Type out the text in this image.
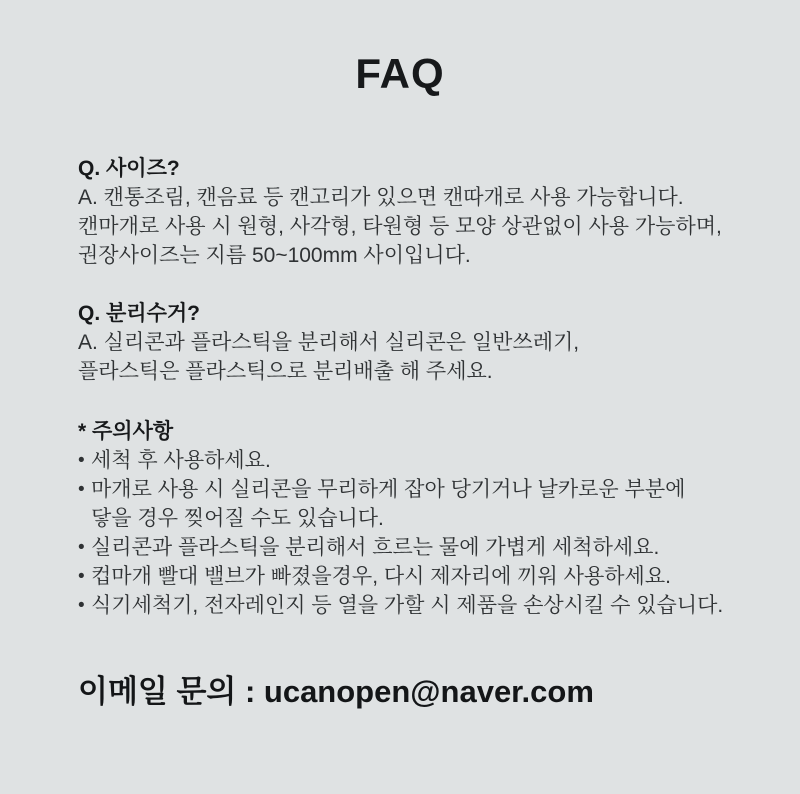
FAQ

Q. 사이즈?

A. 캔통조림, 캔음료 등 캔고리가 있으면 캔따개로 사용 가능합니다.

캔마개로 사용 시 원형, 사각형, 타원형 등 모양 상관없이 사용 가능하며,

권장사이즈는 지름 50~100mm 사이입니다.

Q. 분리수거?

A. 실리콘과 플라스틱을 분리해서 실리콘은 일반쓰레기,

플라스틱은 플라스틱으로 분리배출 해 주세요.

* 주의사항

• 세척 후 사용하세요.

• 마개로 사용 시 실리콘을 무리하게 잡아 당기거나 날카로운 부분에

닿을 경우 찢어질 수도 있습니다.

• 실리콘과 플라스틱을 분리해서 흐르는 물에 가볍게 세척하세요.

• 컵마개 빨대 밸브가 빠졌을경우, 다시 제자리에 끼워 사용하세요.

• 식기세척기, 전자레인지 등 열을 가할 시 제품을 손상시킬 수 있습니다.

이메일 문의 : ucanopen@naver.com
